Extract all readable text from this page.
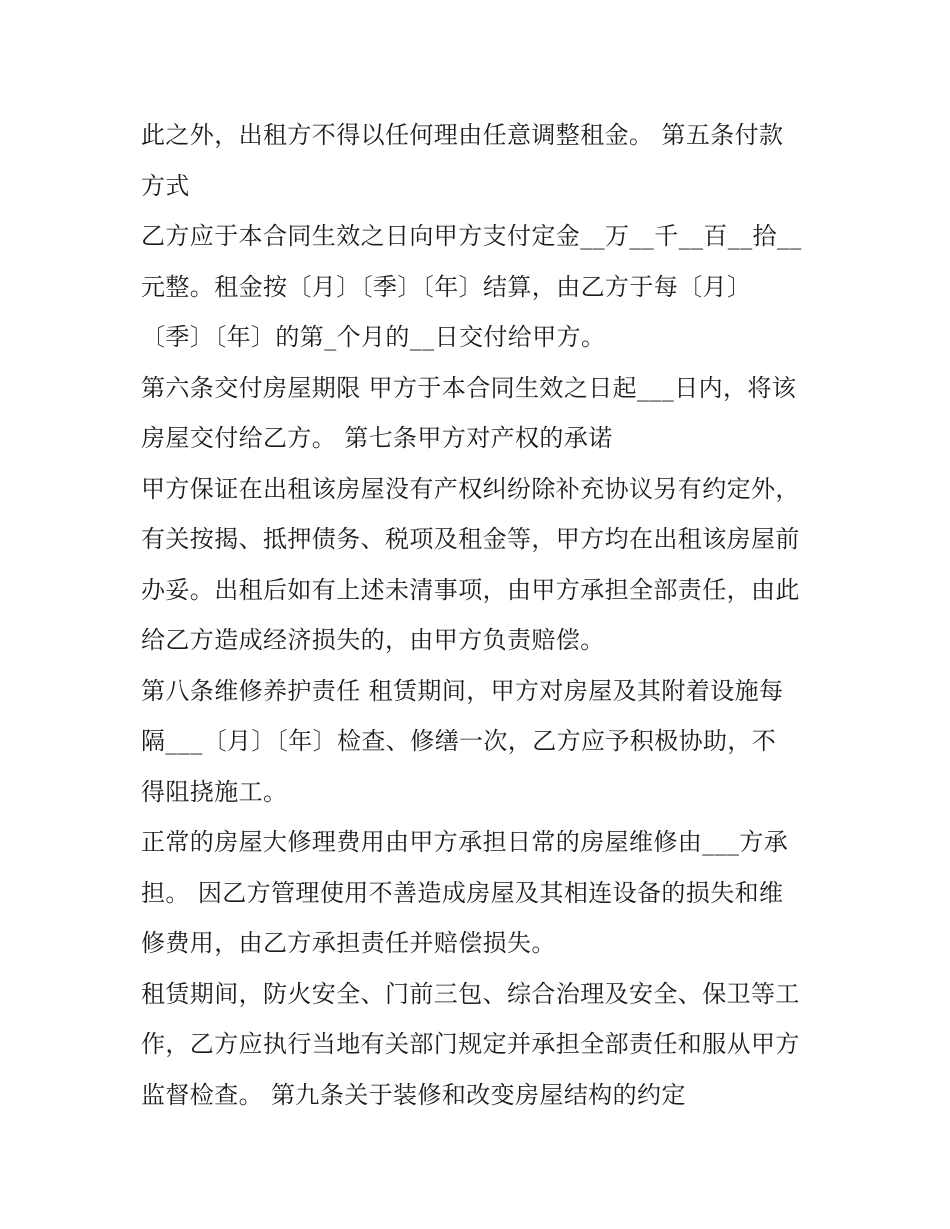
此之外，出租方不得以任何理由任意调整租金。 第五条付款
方式
乙方应于本合同生效之日向甲方支付定金__万__千__百__拾__
元整。租金按〔月〕〔季〕〔年〕结算，由乙方于每〔月〕
〔季〕〔年〕的第_个月的__日交付给甲方。
第六条交付房屋期限 甲方于本合同生效之日起___日内，将该
房屋交付给乙方。 第七条甲方对产权的承诺
甲方保证在出租该房屋没有产权纠纷除补充协议另有约定外，
有关按揭、抵押债务、税项及租金等，甲方均在出租该房屋前
办妥。出租后如有上述未清事项，由甲方承担全部责任，由此
给乙方造成经济损失的，由甲方负责赔偿。
第八条维修养护责任 租赁期间，甲方对房屋及其附着设施每
隔___〔月〕〔年〕检查、修缮一次，乙方应予积极协助，不
得阻挠施工。
正常的房屋大修理费用由甲方承担日常的房屋维修由___方承
担。 因乙方管理使用不善造成房屋及其相连设备的损失和维
修费用，由乙方承担责任并赔偿损失。
租赁期间，防火安全、门前三包、综合治理及安全、保卫等工
作，乙方应执行当地有关部门规定并承担全部责任和服从甲方
监督检查。 第九条关于装修和改变房屋结构的约定
